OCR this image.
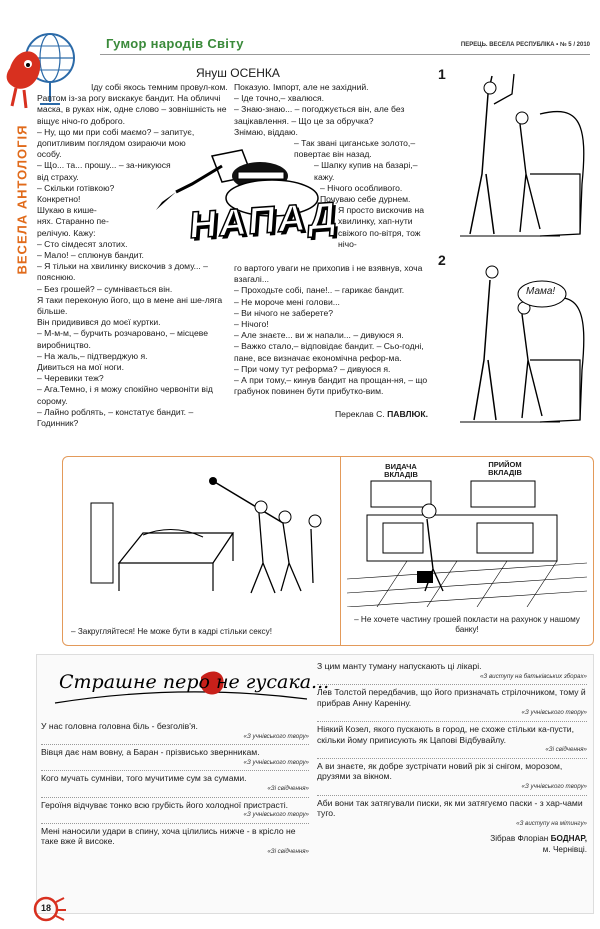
Гумор народів Світу	ПЕРЕЦЬ. ВЕСЕЛА РЕСПУБЛІКА • № 5 / 2010
ВЕСЕЛА АНТОЛОГІЯ
Януш ОСЕНКА

Іду собі якось темним провул-ком. Раптом із-за рогу вискакує бандит. На обличчі маска, в руках ніж, одне слово – зовнішність не віщує нічо-го доброго.

– Ну, що ми при собі маємо? – запитує, допитливим поглядом озираючи мою особу.

– Що... та... прошу... – за-никуюся від страху.

– Скільки готівкою? Конкретно!

Шукаю в кише-нях. Старанно пе-релічую. Кажу:

– Сто сімдесят злотих.

– Мало! – сплюнув бандит.

– Я тільки на хвилинку вискочив з дому... – пояснюю.

– Без грошей? – сумнівається він.

Я таки переконую його, що в мене ані ше-ляга більше.

Він придивився до моєї куртки.

– М-м-м, – бурчить розчаровано, – місцеве виробництво.

– На жаль,– підтверджую я.

Дивиться на мої ноги.

– Черевики теж?

– Ага.Темно, і я можу спокійно червоніти від сорому.

– Лайно роблять, – констатує бандит. – Годинник?

НАПАД

Показую. Імпорт, але не західний.

– Іде точно,– хвалюся.

– Знаю-знаю... – погоджується він, але без зацікавлення. – Що це за обручка?

Знімаю, віддаю.

– Так звані циганське золото,– повертає він назад.

– Шапку купив на базарі,– кажу.

– Нічого особливого. Почуваю себе дурнем.

Я просто вискочив на хвилинку, хап-нути свіжого по-вітря, тож нічо-

го вартого уваги не прихопив і не взявнув, хоча взагалі...

– Проходьте собі, пане!.. – гарикає бандит.

– Не мороче мені голови...

– Ви нічого не заберете?

– Нічого!

– Але знаєте... ви ж напали... – дивуюся я.

– Важко стало,– відповідає бандит. – Сьо-годні, пане, все визначає економічна рефор-ма.

– При чому тут реформа? – дивуюся я.

– А при тому,– кинув бандит на прощан-ня, – що грабунок повинен бути прибутко-вим.

Переклав С. ПАВЛЮК.

1
2
Мама!
– Закругляйтеся! Не може бути в кадрі стільки сексу!
ВИДАЧА ВКЛАДІВ
ПРИЙОМ ВКЛАДІВ
– Не хочете частину грошей покласти на рахунок у нашому банку!
Страшне перо не гусака...
У нас головна головна біль - безголів'я.
«З учнівського твору»
Вівця дає нам вовну, а Баран - прізвисько звернникам.
«З учнівського твору»
Кого мучать сумніви, того мучитиме сум за сумами.
«Зі свідчення»
Героїня відчуває тонко всю грубість його холодної пристрасті.
«З учнівського твору»
Мені наносили удари в спину, хоча цілились нижче - в крісло не таке вже й високе.
«Зі свідчення»
З цим манту туману напускають ці лікарі.
«З виступу на батьківських зборах»
Лев Толстой передбачив, що його призначать стрілочником, тому й прибрав Анну Кареніну.
«З учнівського твору»
Ніякий Козел, якого пускають в город, не схоже стільки ка-пусти, скільки йому приписують як Цапові Відбувайлу.
«Зі свідчення»
А ви знаєте, як добре зустрічати новий рік зі снігом, морозом, друзями за вікном.
«З учнівського твору»
Аби вони так затягували писки, як ми затягуємо паски - з хар-чами туго.
«З виступу на мітингу»
Зібрав Флоріан БОДНАР,
м. Чернівці.
18
